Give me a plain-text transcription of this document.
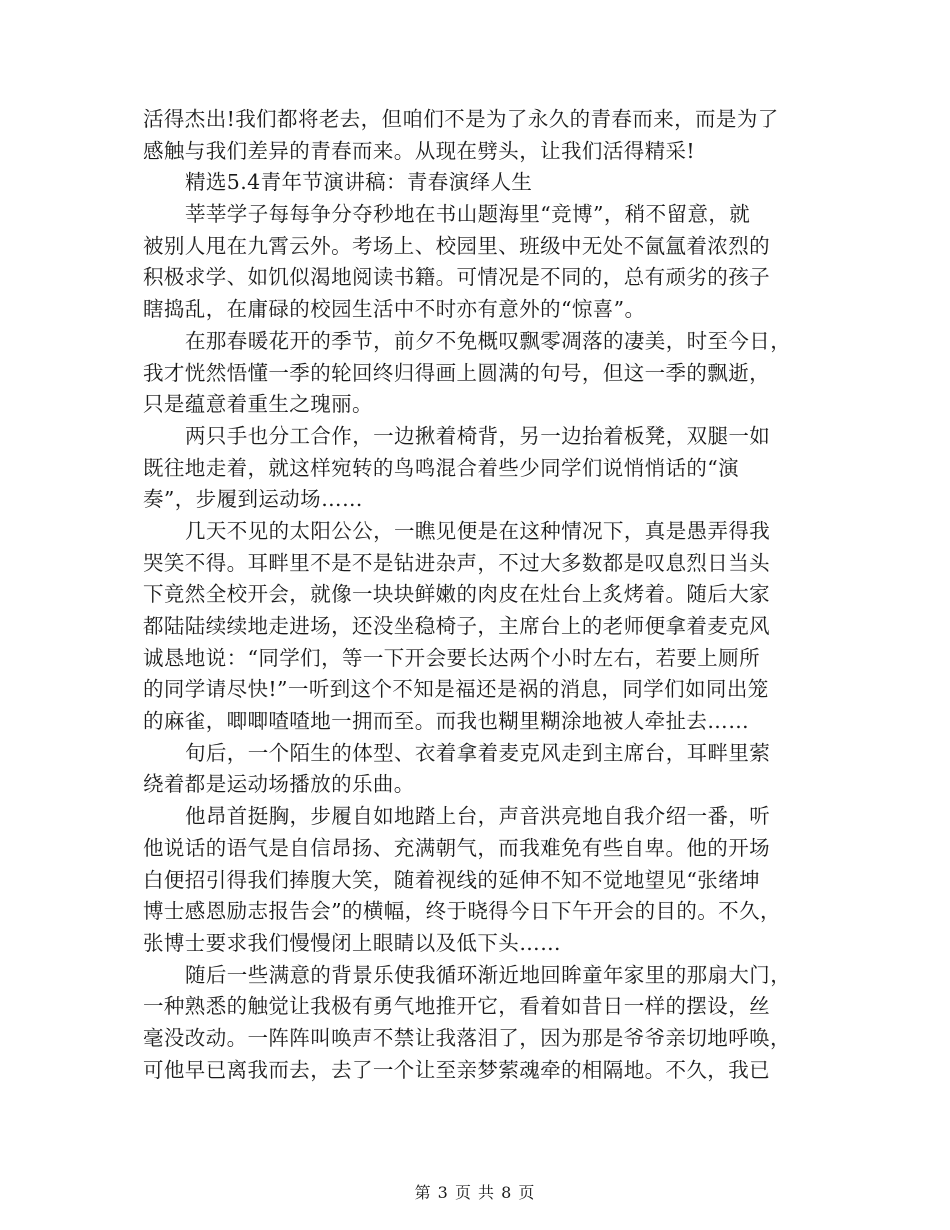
活得杰出!我们都将老去，但咱们不是为了永久的青春而来，而是为了
感触与我们差异的青春而来。从现在劈头，让我们活得精采!
精选5.4青年节演讲稿：青春演绎人生
莘莘学子每每争分夺秒地在书山题海里“竞博”，稍不留意，就
被别人甩在九霄云外。考场上、校园里、班级中无处不氤氲着浓烈的
积极求学、如饥似渴地阅读书籍。可情况是不同的，总有顽劣的孩子
瞎捣乱，在庸碌的校园生活中不时亦有意外的“惊喜”。
在那春暖花开的季节，前夕不免概叹飘零凋落的凄美，时至今日，
我才恍然悟懂一季的轮回终归得画上圆满的句号，但这一季的飘逝，
只是蕴意着重生之瑰丽。
两只手也分工合作，一边揪着椅背，另一边抬着板凳，双腿一如
既往地走着，就这样宛转的鸟鸣混合着些少同学们说悄悄话的“演
奏”，步履到运动场……
几天不见的太阳公公，一瞧见便是在这种情况下，真是愚弄得我
哭笑不得。耳畔里不是不是钻进杂声，不过大多数都是叹息烈日当头
下竟然全校开会，就像一块块鲜嫩的肉皮在灶台上炙烤着。随后大家
都陆陆续续地走进场，还没坐稳椅子，主席台上的老师便拿着麦克风
诚恳地说：“同学们，等一下开会要长达两个小时左右，若要上厕所
的同学请尽快!”一听到这个不知是福还是祸的消息，同学们如同出笼
的麻雀，唧唧喳喳地一拥而至。而我也糊里糊涂地被人牵扯去……
旬后，一个陌生的体型、衣着拿着麦克风走到主席台，耳畔里萦
绕着都是运动场播放的乐曲。
他昂首挺胸，步履自如地踏上台，声音洪亮地自我介绍一番，听
他说话的语气是自信昂扬、充满朝气，而我难免有些自卑。他的开场
白便招引得我们捧腹大笑，随着视线的延伸不知不觉地望见“张绪坤
博士感恩励志报告会”的横幅，终于晓得今日下午开会的目的。不久，
张博士要求我们慢慢闭上眼睛以及低下头……
随后一些满意的背景乐使我循环渐近地回眸童年家里的那扇大门，
一种熟悉的触觉让我极有勇气地推开它，看着如昔日一样的摆设，丝
毫没改动。一阵阵叫唤声不禁让我落泪了，因为那是爷爷亲切地呼唤，
可他早已离我而去，去了一个让至亲梦萦魂牵的相隔地。不久，我已
第 3 页 共 8 页
